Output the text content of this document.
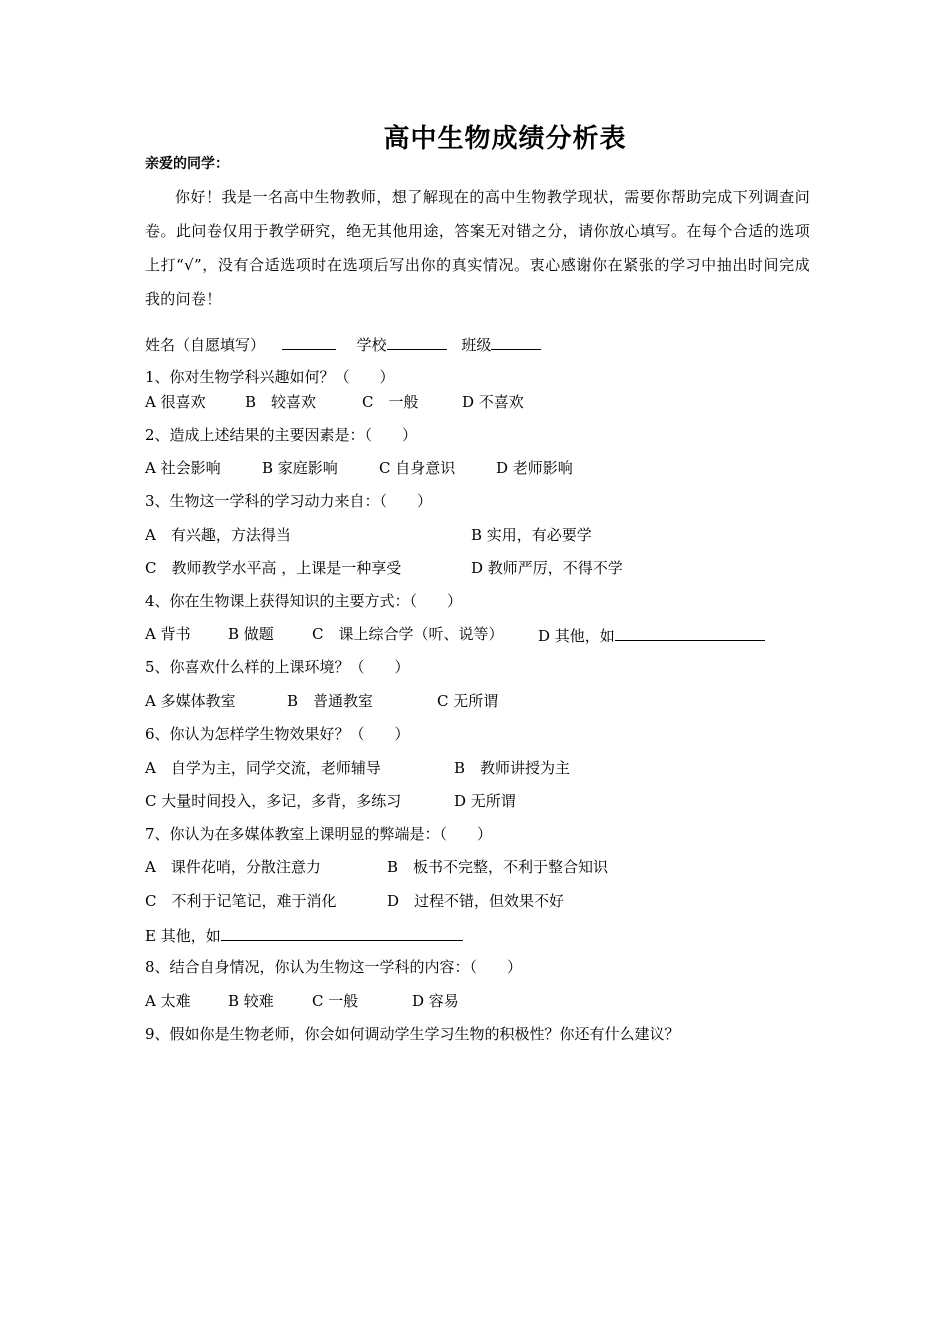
高中生物成绩分析表
亲爱的同学：
你好！我是一名高中生物教师，想了解现在的高中生物教学现状，需要你帮助完成下列调查问卷。此问卷仅用于教学研究，绝无其他用途，答案无对错之分，请你放心填写。在每个合适的选项上打“√”，没有合适选项时在选项后写出你的真实情况。衷心感谢你在紧张的学习中抽出时间完成我的问卷！
姓名（自愿填写）	学校	班级
1、你对生物学科兴趣如何？（　　）
A 很喜欢	B　较喜欢	C　一般	D 不喜欢
2、造成上述结果的主要因素是：（　　）
A 社会影响	B 家庭影响	C 自身意识	D 老师影响
3、生物这一学科的学习动力来自：（　　）
A　有兴趣，方法得当	B 实用，有必要学
C　教师教学水平高 ，上课是一种享受	D 教师严厉，不得不学
4、你在生物课上获得知识的主要方式：（　　）
A 背书 B 做题	C　课上综合学（听、说等） D 其他，如
5、你喜欢什么样的上课环境？（　　）
A 多媒体教室	B　普通教室	C 无所谓
6、你认为怎样学生物效果好？（　　）
A　自学为主，同学交流，老师辅导	B　教师讲授为主
C 大量时间投入，多记，多背，多练习	D 无所谓
7、你认为在多媒体教室上课明显的弊端是：（　　）
A　课件花哨，分散注意力	B　板书不完整，不利于整合知识
C　不利于记笔记，难于消化	D　过程不错，但效果不好
E 其他，如
8、结合自身情况，你认为生物这一学科的内容：（　　）
A 太难 B 较难	C 一般	D 容易
9、假如你是生物老师，你会如何调动学生学习生物的积极性？你还有什么建议？
